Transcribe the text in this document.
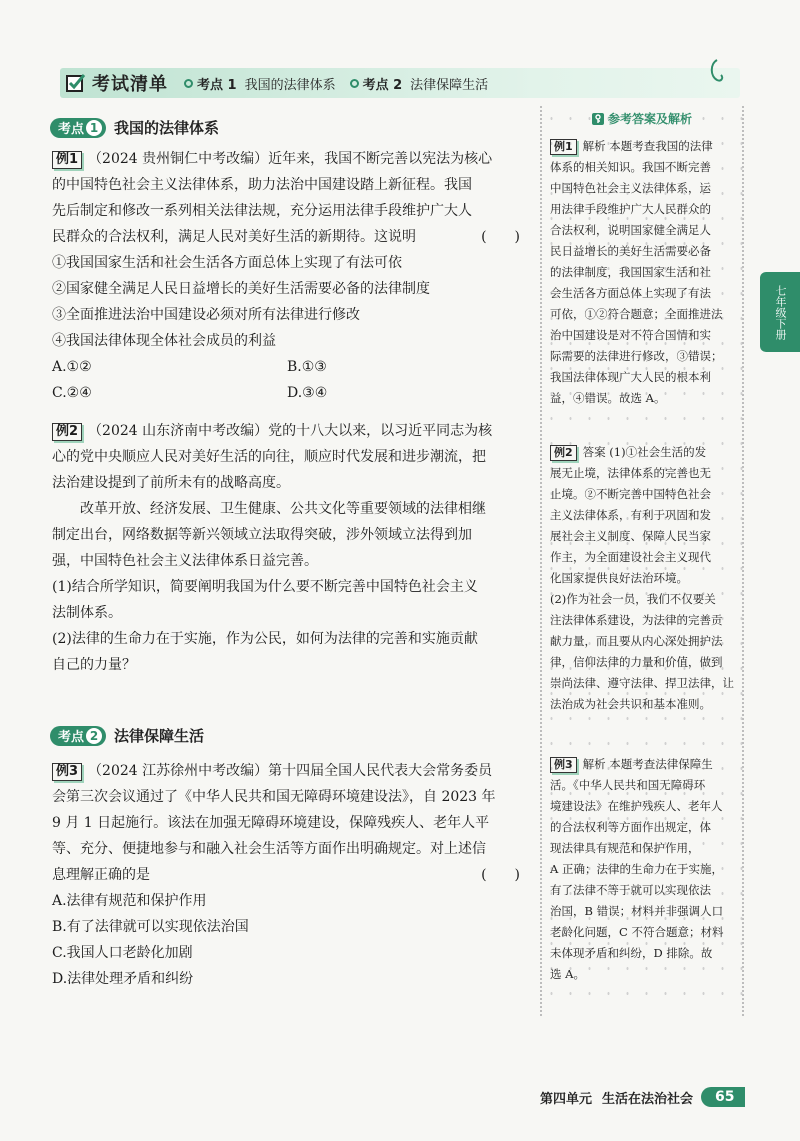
考试清单 考点 1 我国的法律体系 考点 2 法律保障生活
七年级下册
考点 1 我国的法律体系
例1 （2024 贵州铜仁中考改编）近年来，我国不断完善以宪法为核心
的中国特色社会主义法律体系，助力法治中国建设踏上新征程。我国
先后制定和修改一系列相关法律法规，充分运用法律手段维护广大人
民群众的合法权利，满足人民对美好生活的新期待。这说明	(　　)
①我国国家生活和社会生活各方面总体上实现了有法可依
②国家健全满足人民日益增长的美好生活需要必备的法律制度
③全面推进法治中国建设必须对所有法律进行修改
④我国法律体现全体社会成员的利益
A.①②	B.①③
C.②④	D.③④
例2 （2024 山东济南中考改编）党的十八大以来，以习近平同志为核
心的党中央顺应人民对美好生活的向往，顺应时代发展和进步潮流，把
法治建设提到了前所未有的战略高度。
　　改革开放、经济发展、卫生健康、公共文化等重要领域的法律相继
制定出台，网络数据等新兴领域立法取得突破，涉外领域立法得到加
强，中国特色社会主义法律体系日益完善。
(1)结合所学知识，简要阐明我国为什么要不断完善中国特色社会主义
法制体系。
(2)法律的生命力在于实施，作为公民，如何为法律的完善和实施贡献
自己的力量？
考点 2 法律保障生活
例3 （2024 江苏徐州中考改编）第十四届全国人民代表大会常务委员
会第三次会议通过了《中华人民共和国无障碍环境建设法》，自 2023 年
9 月 1 日起施行。该法在加强无障碍环境建设，保障残疾人、老年人平
等、充分、便捷地参与和融入社会生活等方面作出明确规定。对上述信
息理解正确的是	(　　)
A.法律有规范和保护作用
B.有了法律就可以实现依法治国
C.我国人口老龄化加剧
D.法律处理矛盾和纠纷
参考答案及解析
例1 解析 本题考查我国的法律
体系的相关知识。我国不断完善
中国特色社会主义法律体系，运
用法律手段维护广大人民群众的
合法权利，说明国家健全满足人
民日益增长的美好生活需要必备
的法律制度，我国国家生活和社
会生活各方面总体上实现了有法
可依，①②符合题意；全面推进法
治中国建设是对不符合国情和实
际需要的法律进行修改，③错误；
我国法律体现广大人民的根本利
益，④错误。故选 A。
例2 答案 (1)①社会生活的发
展无止境，法律体系的完善也无
止境。②不断完善中国特色社会
主义法律体系，有利于巩固和发
展社会主义制度、保障人民当家
作主，为全面建设社会主义现代
化国家提供良好法治环境。
(2)作为社会一员，我们不仅要关
注法律体系建设，为法律的完善贡
献力量，而且要从内心深处拥护法
律，信仰法律的力量和价值，做到
崇尚法律、遵守法律、捍卫法律，让
法治成为社会共识和基本准则。
例3 解析 本题考查法律保障生
活。《中华人民共和国无障碍环
境建设法》在维护残疾人、老年人
的合法权利等方面作出规定，体
现法律具有规范和保护作用，
A 正确；法律的生命力在于实施，
有了法律不等于就可以实现依法
治国，B 错误；材料并非强调人口
老龄化问题，C 不符合题意；材料
未体现矛盾和纠纷，D 排除。故
选 A。
第四单元 生活在法治社会	65
